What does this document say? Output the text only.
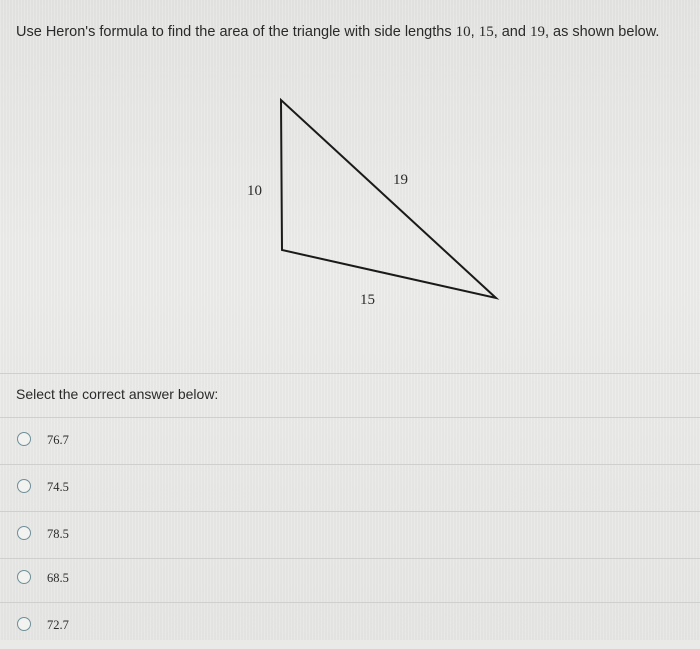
Use Heron's formula to find the area of the triangle with side lengths 10, 15, and 19, as shown below.
10
19
15
Select the correct answer below:
76.7
74.5
78.5
68.5
72.7
